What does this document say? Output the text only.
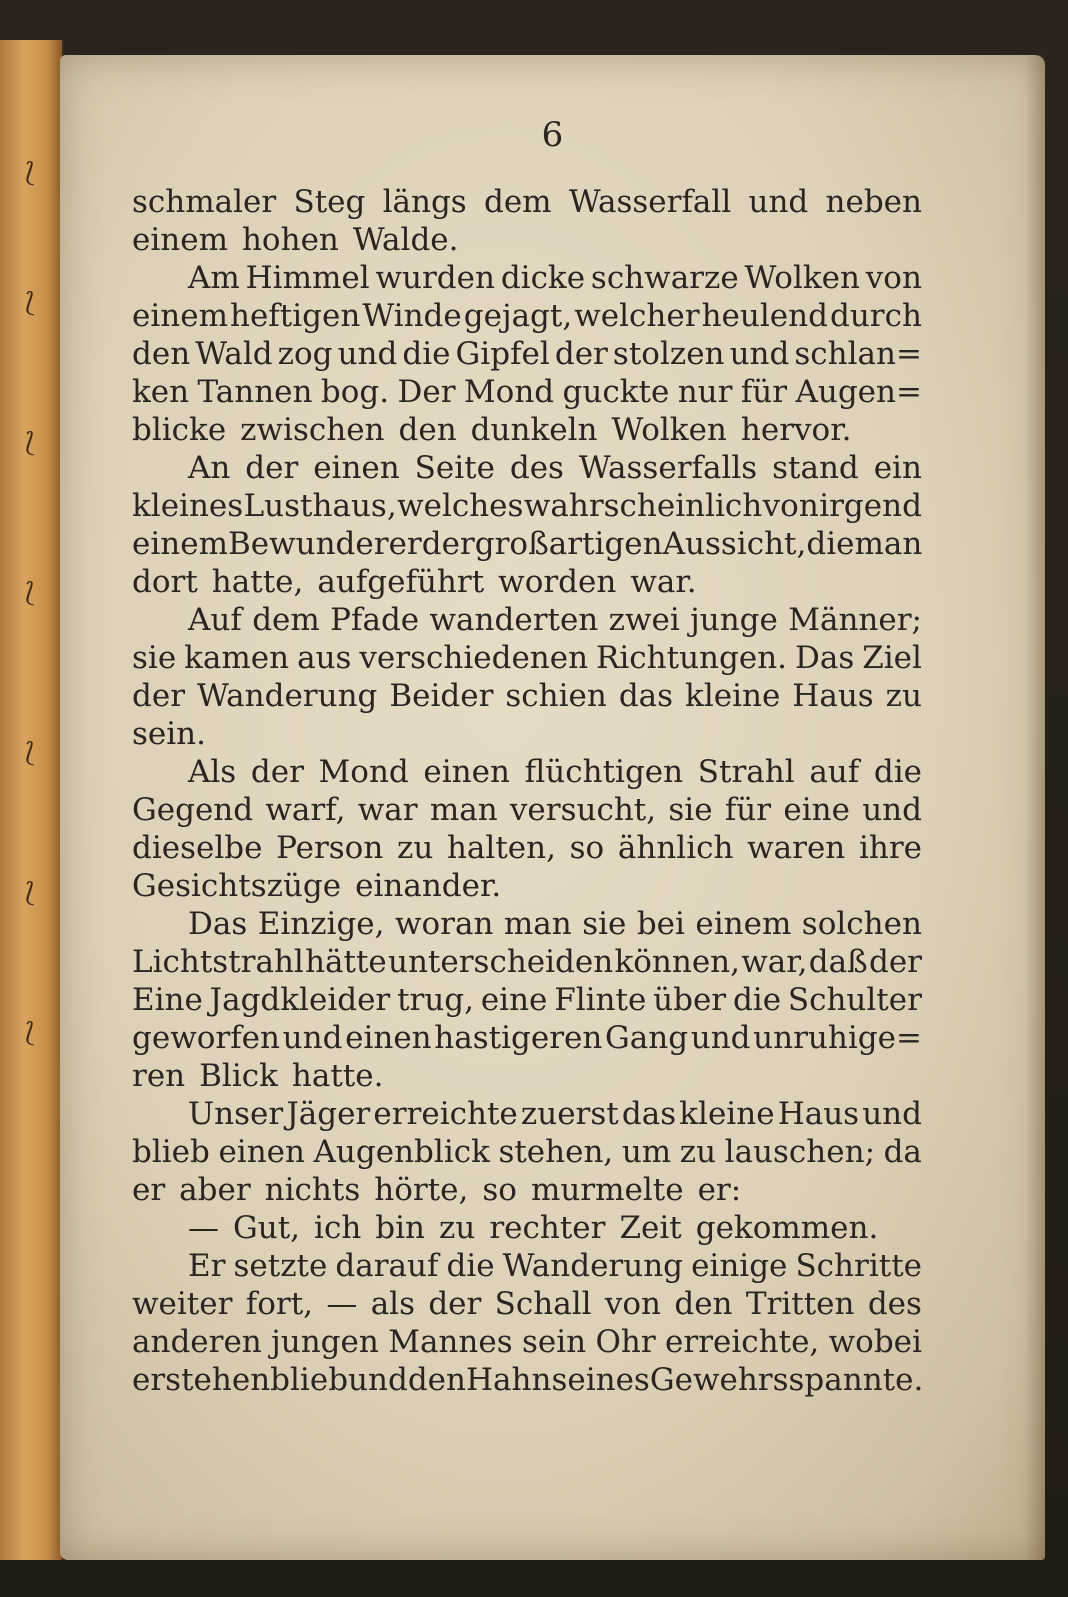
⟅
⟅
⟅
⟅
⟅
⟅
⟅
6
schmaler Steg längs dem Wasserfall und neben
einem hohen Walde.
Am Himmel wurden dicke schwarze Wolken von
einem heftigen Winde gejagt, welcher heulend durch
den Wald zog und die Gipfel der stolzen und schlan=
ken Tannen bog. Der Mond guckte nur für Augen=
blicke zwischen den dunkeln Wolken hervor.
An der einen Seite des Wasserfalls stand ein
kleines Lusthaus, welches wahrscheinlich von irgend
einem Bewunderer der großartigen Aussicht, die man
dort hatte, aufgeführt worden war.
Auf dem Pfade wanderten zwei junge Männer;
sie kamen aus verschiedenen Richtungen. Das Ziel
der Wanderung Beider schien das kleine Haus zu
sein.
Als der Mond einen flüchtigen Strahl auf die
Gegend warf, war man versucht, sie für eine und
dieselbe Person zu halten, so ähnlich waren ihre
Gesichtszüge einander.
Das Einzige, woran man sie bei einem solchen
Lichtstrahl hätte unterscheiden können, war, daß der
Eine Jagdkleider trug, eine Flinte über die Schulter
geworfen und einen hastigeren Gang und unruhige=
ren Blick hatte.
Unser Jäger erreichte zuerst das kleine Haus und
blieb einen Augenblick stehen, um zu lauschen; da
er aber nichts hörte, so murmelte er:
— Gut, ich bin zu rechter Zeit gekommen.
Er setzte darauf die Wanderung einige Schritte
weiter fort, — als der Schall von den Tritten des
anderen jungen Mannes sein Ohr erreichte, wobei
er stehen blieb und den Hahn seines Gewehrs spannte.
